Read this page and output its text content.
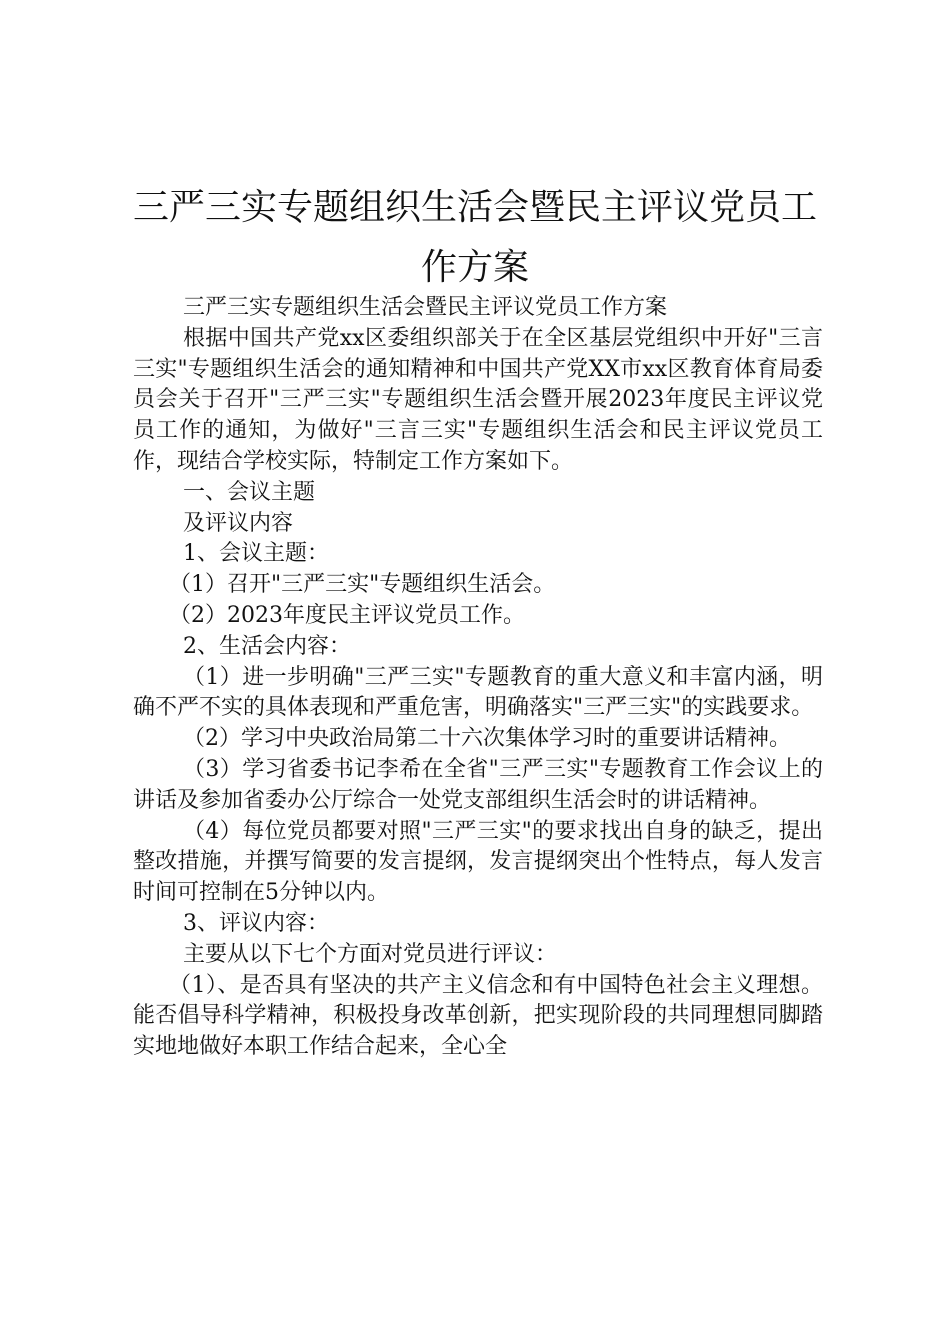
三严三实专题组织生活会暨民主评议党员工作方案

三严三实专题组织生活会暨民主评议党员工作方案

根据中国共产党xx区委组织部关于在全区基层党组织中开好"三言三实"专题组织生活会的通知精神和中国共产党XX市xx区教育体育局委员会关于召开"三严三实"专题组织生活会暨开展2023年度民主评议党员工作的通知，为做好"三言三实"专题组织生活会和民主评议党员工作，现结合学校实际，特制定工作方案如下。

一、会议主题

及评议内容

1、会议主题：

（1）召开"三严三实"专题组织生活会。

（2）2023年度民主评议党员工作。

2、生活会内容：

（1）进一步明确"三严三实"专题教育的重大意义和丰富内涵，明确不严不实的具体表现和严重危害，明确落实"三严三实"的实践要求。

（2）学习中央政治局第二十六次集体学习时的重要讲话精神。

（3）学习省委书记李希在全省"三严三实"专题教育工作会议上的讲话及参加省委办公厅综合一处党支部组织生活会时的讲话精神。

（4）每位党员都要对照"三严三实"的要求找出自身的缺乏，提出整改措施，并撰写简要的发言提纲，发言提纲突出个性特点，每人发言时间可控制在5分钟以内。

3、评议内容：

主要从以下七个方面对党员进行评议：

（1）、是否具有坚决的共产主义信念和有中国特色社会主义理想。能否倡导科学精神，积极投身改革创新，把实现阶段的共同理想同脚踏实地地做好本职工作结合起来，全心全
